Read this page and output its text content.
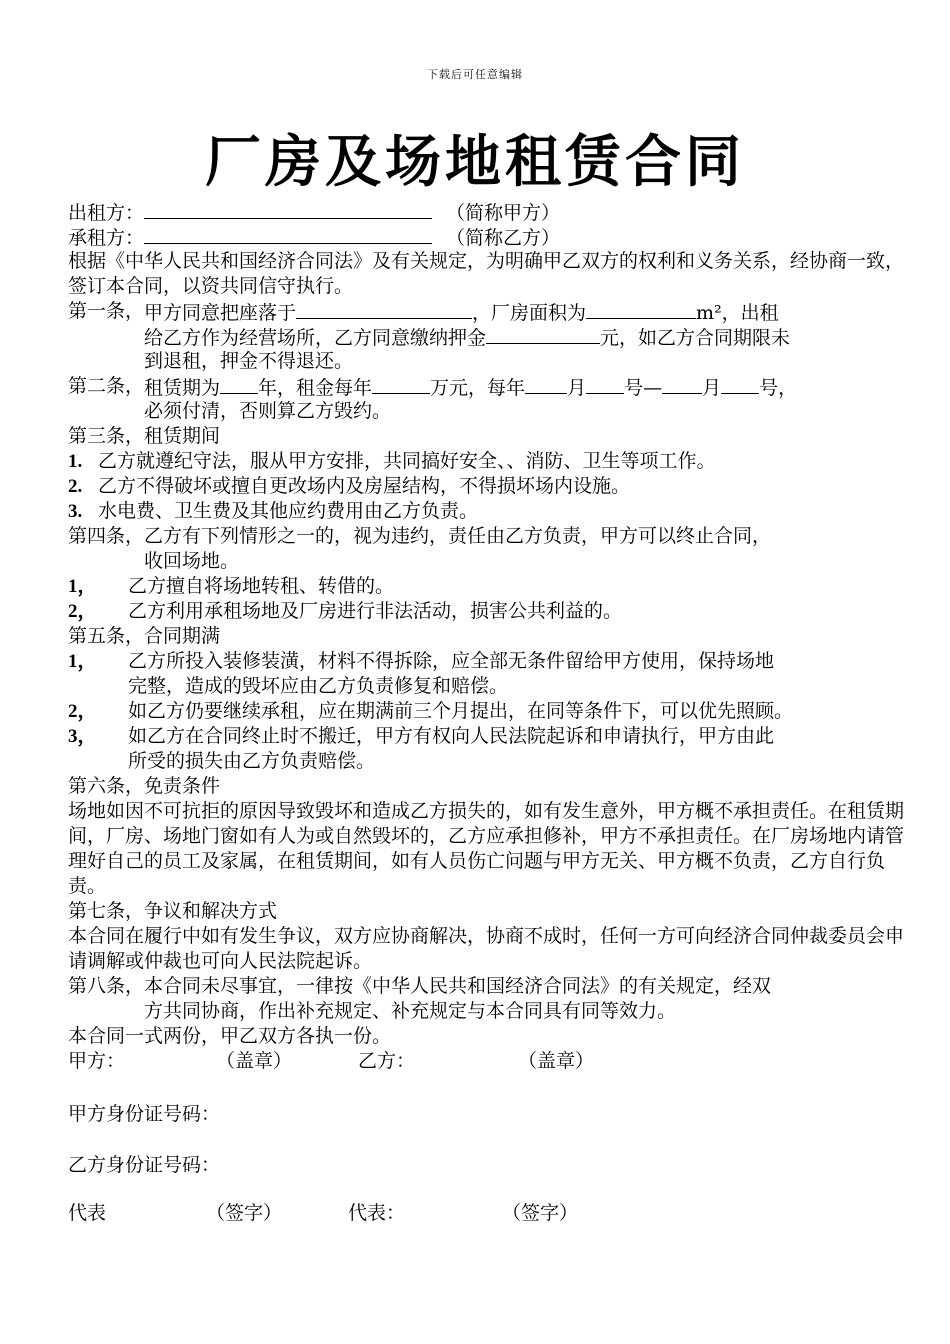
下载后可任意编辑
厂房及场地租赁合同
出租方：	（简称甲方）
承租方：	（简称乙方）
根据《中华人民共和国经济合同法》及有关规定，为明确甲乙双方的权利和义务关系，经协商一致，签订本合同，以资共同信守执行。
第一条， 甲方同意把座落于	，厂房面积为	m²，出租
给乙方作为经营场所，乙方同意缴纳押金	元，如乙方合同期限未
到退租，押金不得退还。
第二条， 租赁期为 年，租金每年	万元，每年 月 号— 月 号，
必须付清，否则算乙方毁约。
第三条，租赁期间
1. 乙方就遵纪守法，服从甲方安排，共同搞好安全、、消防、卫生等项工作。
2. 乙方不得破坏或擅自更改场内及房屋结构，不得损坏场内设施。
3. 水电费、卫生费及其他应约费用由乙方负责。
第四条， 乙方有下列情形之一的，视为违约，责任由乙方负责，甲方可以终止合同，
收回场地。
1， 乙方擅自将场地转租、转借的。
2， 乙方利用承租场地及厂房进行非法活动，损害公共利益的。
第五条，合同期满
1，	乙方所投入装修装潢，材料不得拆除，应全部无条件留给甲方使用，保持场地
完整，造成的毁坏应由乙方负责修复和赔偿。
2，	如乙方仍要继续承租，应在期满前三个月提出，在同等条件下，可以优先照顾。
3，	如乙方在合同终止时不搬迁，甲方有权向人民法院起诉和申请执行，甲方由此
所受的损失由乙方负责赔偿。
第六条，免责条件
场地如因不可抗拒的原因导致毁坏和造成乙方损失的，如有发生意外，甲方概不承担责任。在租赁期间，厂房、场地门窗如有人为或自然毁坏的，乙方应承担修补，甲方不承担责任。在厂房场地内请管理好自己的员工及家属，在租赁期间，如有人员伤亡问题与甲方无关、甲方概不负责，乙方自行负责。
第七条，争议和解决方式
本合同在履行中如有发生争议，双方应协商解决，协商不成时，任何一方可向经济合同仲裁委员会申请调解或仲裁也可向人民法院起诉。
第八条， 本合同未尽事宜，一律按《中华人民共和国经济合同法》的有关规定，经双
方共同协商，作出补充规定、补充规定与本合同具有同等效力。
本合同一式两份，甲乙双方各执一份。
甲方：	（盖章）	乙方：	（盖章）
甲方身份证号码：
乙方身份证号码：
代表	（签字）	代表：	（签字）
